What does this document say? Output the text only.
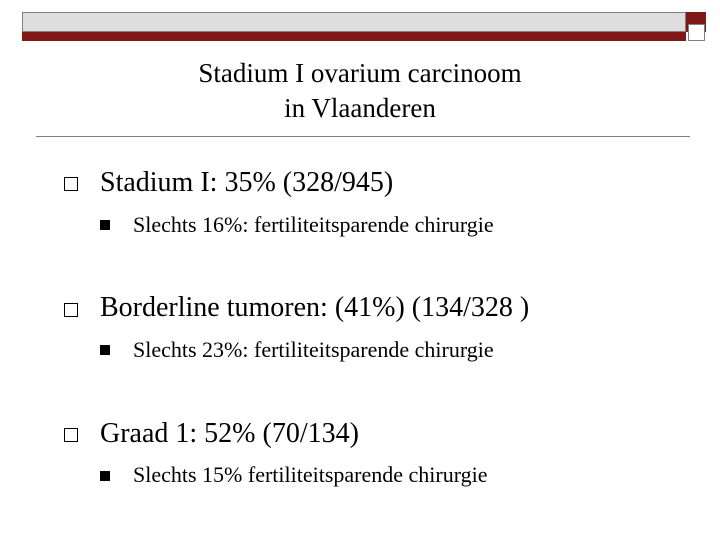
Stadium I ovarium carcinoom
in Vlaanderen
Stadium I: 35% (328/945)
Slechts 16%: fertiliteitsparende chirurgie
Borderline tumoren: (41%) (134/328 )
Slechts 23%: fertiliteitsparende chirurgie
Graad 1: 52% (70/134)
Slechts 15% fertiliteitsparende chirurgie
